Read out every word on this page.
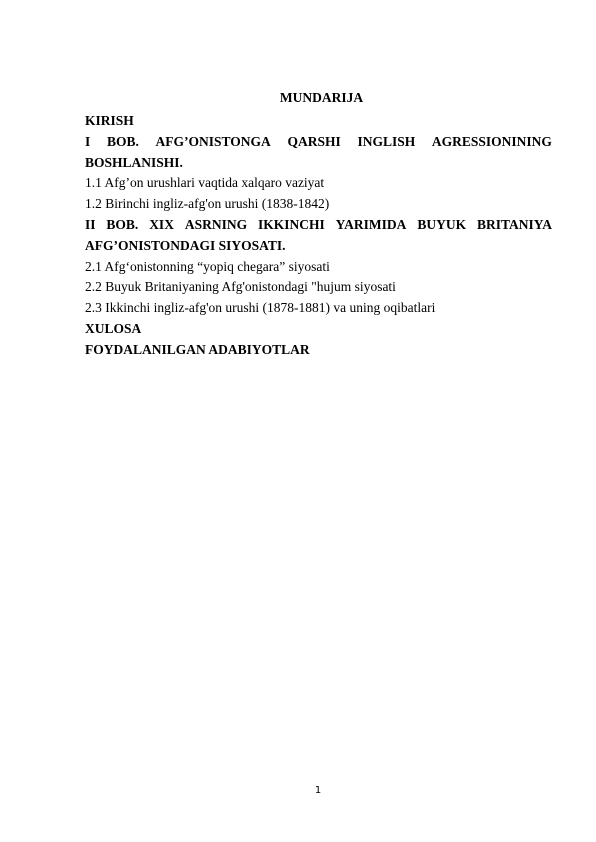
MUNDARIJA

KIRISH

I BOB. AFG’ONISTONGA QARSHI INGLISH AGRESSIONINING
BOSHLANISHI.

1.1 Afg’on urushlari vaqtida xalqaro vaziyat

1.2 Birinchi ingliz-afg'on urushi (1838-1842)

II BOB. XIX ASRNING IKKINCHI YARIMIDA BUYUK BRITANIYA
AFG’ONISTONDAGI SIYOSATI.

2.1 Afg‘onistonning “yopiq chegara” siyosati

2.2 Buyuk Britaniyaning Afg'onistondagi "hujum siyosati

2.3 Ikkinchi ingliz-afg'on urushi (1878-1881) va uning oqibatlari

XULOSA

FOYDALANILGAN ADABIYOTLAR

1
